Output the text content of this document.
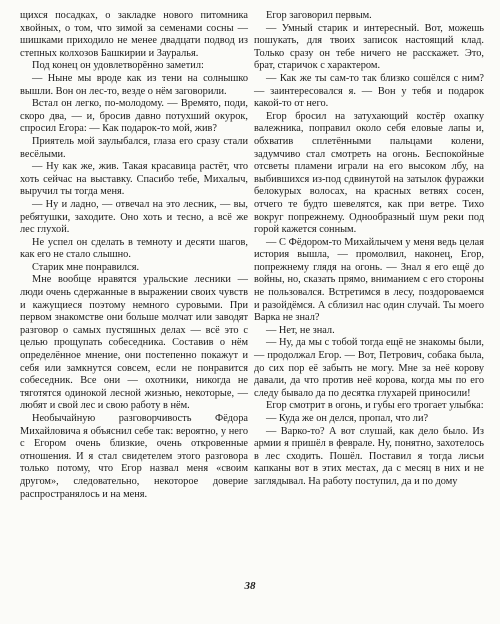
щихся посадках, о закладке нового питомника хвойных, о том, что зимой за семенами сосны — шишками приходило не менее двадцати подвод из степных колхозов Башкирии и Зауралья.

Под конец он удовлетворённо заметил:

— Ныне мы вроде как из тени на солнышко вышли. Вон он лес-то, везде о нём заговорили.

Встал он легко, по-молодому. — Времято, поди, скоро два, — и, бросив давно потухший окурок, спросил Егора: — Как подарок-то мой, жив?

Приятель мой заулыбался, глаза его сразу стали весёлыми.

— Ну как же, жив. Такая красавица растёт, что хоть сейчас на выставку. Спасибо тебе, Михалыч, выручил ты тогда меня.

— Ну и ладно, — отвечал на это лесник, — вы, ребятушки, заходите. Оно хоть и тесно, а всё же лес глухой.

Не успел он сделать в темноту и десяти шагов, как его не стало слышно.

Старик мне понравился.

Мне вообще нравятся уральские лесники — люди очень сдержанные в выражении своих чувств и кажущиеся поэтому немного суровыми. При первом знакомстве они больше молчат или заводят разговор о самых пустяшных делах — всё это с целью прощупать собеседника. Составив о нём определённое мнение, они постепенно покажут и себя или замкнутся совсем, если не понравится собеседник. Все они — охотники, никогда не тяготятся одинокой лесной жизнью, некоторые, — любят и свой лес и свою работу в нём.

Необычайную разговорчивость Фёдора Михайловича я объяснил себе так: вероятно, у него с Егором очень близкие, очень откровенные отношения. И я стал свидетелем этого разговора только потому, что Егор назвал меня «своим другом», следовательно, некоторое доверие распространялось и на меня.

Егор заговорил первым.

— Умный старик и интересный. Вот, можешь пошукать, для твоих записок настоящий клад. Только сразу он тебе ничего не расскажет. Это, брат, старичок с характером.

— Как же ты сам-то так близко сошёлся с ним? — заинтересовался я. — Вон у тебя и подарок какой-то от него.

Егор бросил на затухающий костёр охапку валежника, поправил около себя еловые лапы и, обхватив сплетёнными пальцами колени, задумчиво стал смотреть на огонь. Беспокойные отсветы пламени играли на его высоком лбу, на выбившихся из-под сдвинутой на затылок фуражки белокурых волосах, на красных ветвях сосен, отчего те будто шевелятся, как при ветре. Тихо вокруг попрежнему. Однообразный шум реки под горой кажется сонным.

— С Фёдором-то Михайлычем у меня ведь целая история вышла, — промолвил, наконец, Егор, попрежнему глядя на огонь. — Знал я его ещё до войны, но, сказать прямо, вниманием с его стороны не пользовался. Встретимся в лесу, поздороваемся и разойдёмся. А сблизил нас один случай. Ты моего Варка не знал?

— Нет, не знал.

— Ну, да мы с тобой тогда ещё не знакомы были, — продолжал Егор. — Вот, Петрович, собака была, до сих пор её забыть не могу. Мне за неё корову давали, да что против неё корова, когда мы по его следу бывало да по десятка глухарей приносили!

Егор смотрит в огонь, и губы его трогает улыбка:

— Куда же он делся, пропал, что ли?

— Варко-то? А вот слушай, как дело было. Из армии я пришёл в феврале. Ну, понятно, захотелось в лес сходить. Пошёл. Поставил я тогда лисьи капканы вот в этих местах, да с месяц в них и не заглядывал. На работу поступил, да и по дому

38
